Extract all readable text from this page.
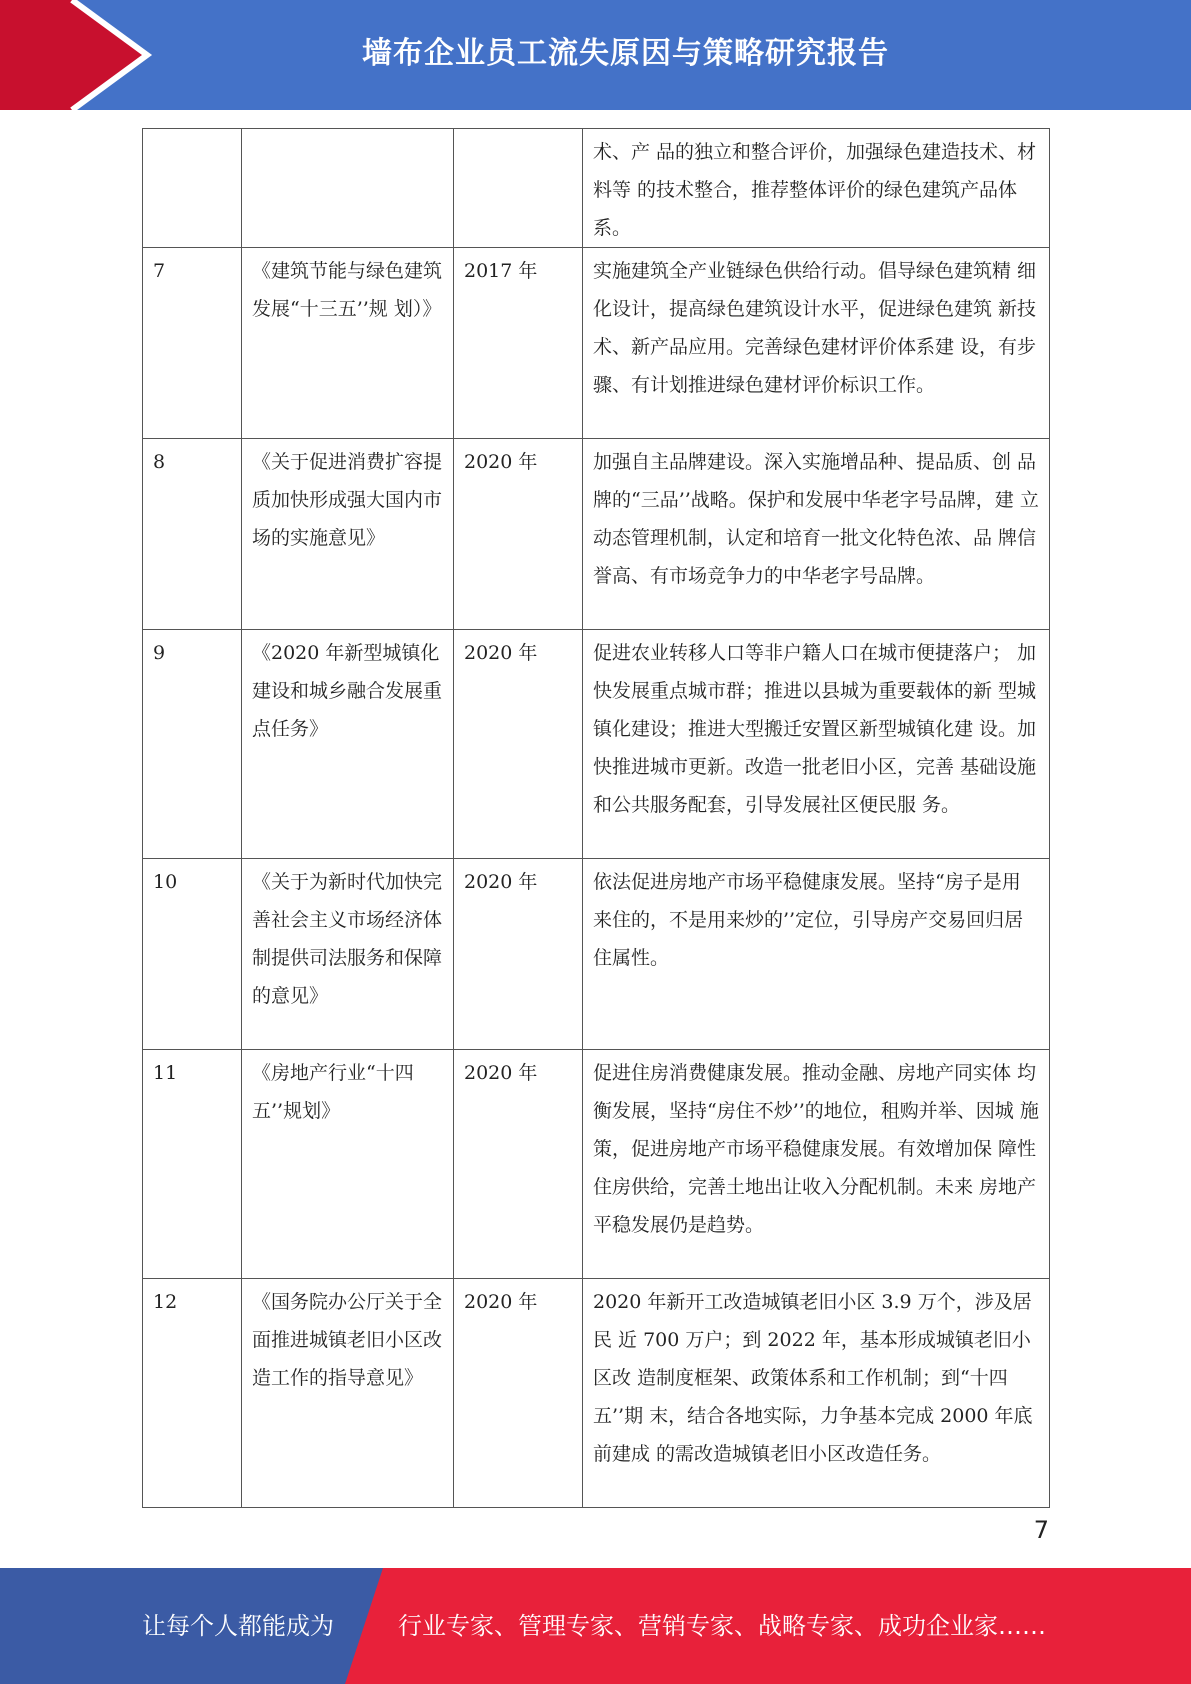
墙布企业员工流失原因与策略研究报告
			术、产 品的独立和整合评价，加强绿色建造技术、材料等 的技术整合，推荐整体评价的绿色建筑产品体系。
7	《建筑节能与绿色建筑发展“十三五’’规 划）》	2017 年	实施建筑全产业链绿色供给行动。倡导绿色建筑精 细化设计，提高绿色建筑设计水平，促进绿色建筑 新技术、新产品应用。完善绿色建材评价体系建 设，有步骤、有计划推进绿色建材评价标识工作。
8	《关于促进消费扩容提质加快形成强大国内市场的实施意见》	2020 年	加强自主品牌建设。深入实施增品种、提品质、创 品牌的“三品’’战略。保护和发展中华老字号品牌，建 立动态管理机制，认定和培育一批文化特色浓、品 牌信誉高、有市场竞争力的中华老字号品牌。
9	《2020 年新型城镇化建设和城乡融合发展重点任务》	2020 年	促进农业转移人口等非户籍人口在城市便捷落户； 加快发展重点城市群；推进以县城为重要载体的新 型城镇化建设；推进大型搬迁安置区新型城镇化建 设。加快推进城市更新。改造一批老旧小区，完善 基础设施和公共服务配套，引导发展社区便民服 务。
10	《关于为新时代加快完善社会主义市场经济体制提供司法服务和保障的意见》	2020 年	依法促进房地产市场平稳健康发展。坚持“房子是用 来住的，不是用来炒的’’定位，引导房产交易回归居 住属性。
11	《房地产行业“十四五’’规划》	2020 年	促进住房消费健康发展。推动金融、房地产同实体 均衡发展，坚持“房住不炒’’的地位，租购并举、因城 施策，促进房地产市场平稳健康发展。有效增加保 障性住房供给，完善土地出让收入分配机制。未来 房地产平稳发展仍是趋势。
12	《国务院办公厅关于全面推进城镇老旧小区改造工作的指导意见》	2020 年	2020 年新开工改造城镇老旧小区 3.9 万个，涉及居民 近 700 万户；到 2022 年，基本形成城镇老旧小区改 造制度框架、政策体系和工作机制；到“十四五’’期 末，结合各地实际，力争基本完成 2000 年底前建成 的需改造城镇老旧小区改造任务。
7
让每个人都能成为	行业专家、管理专家、营销专家、战略专家、成功企业家……
